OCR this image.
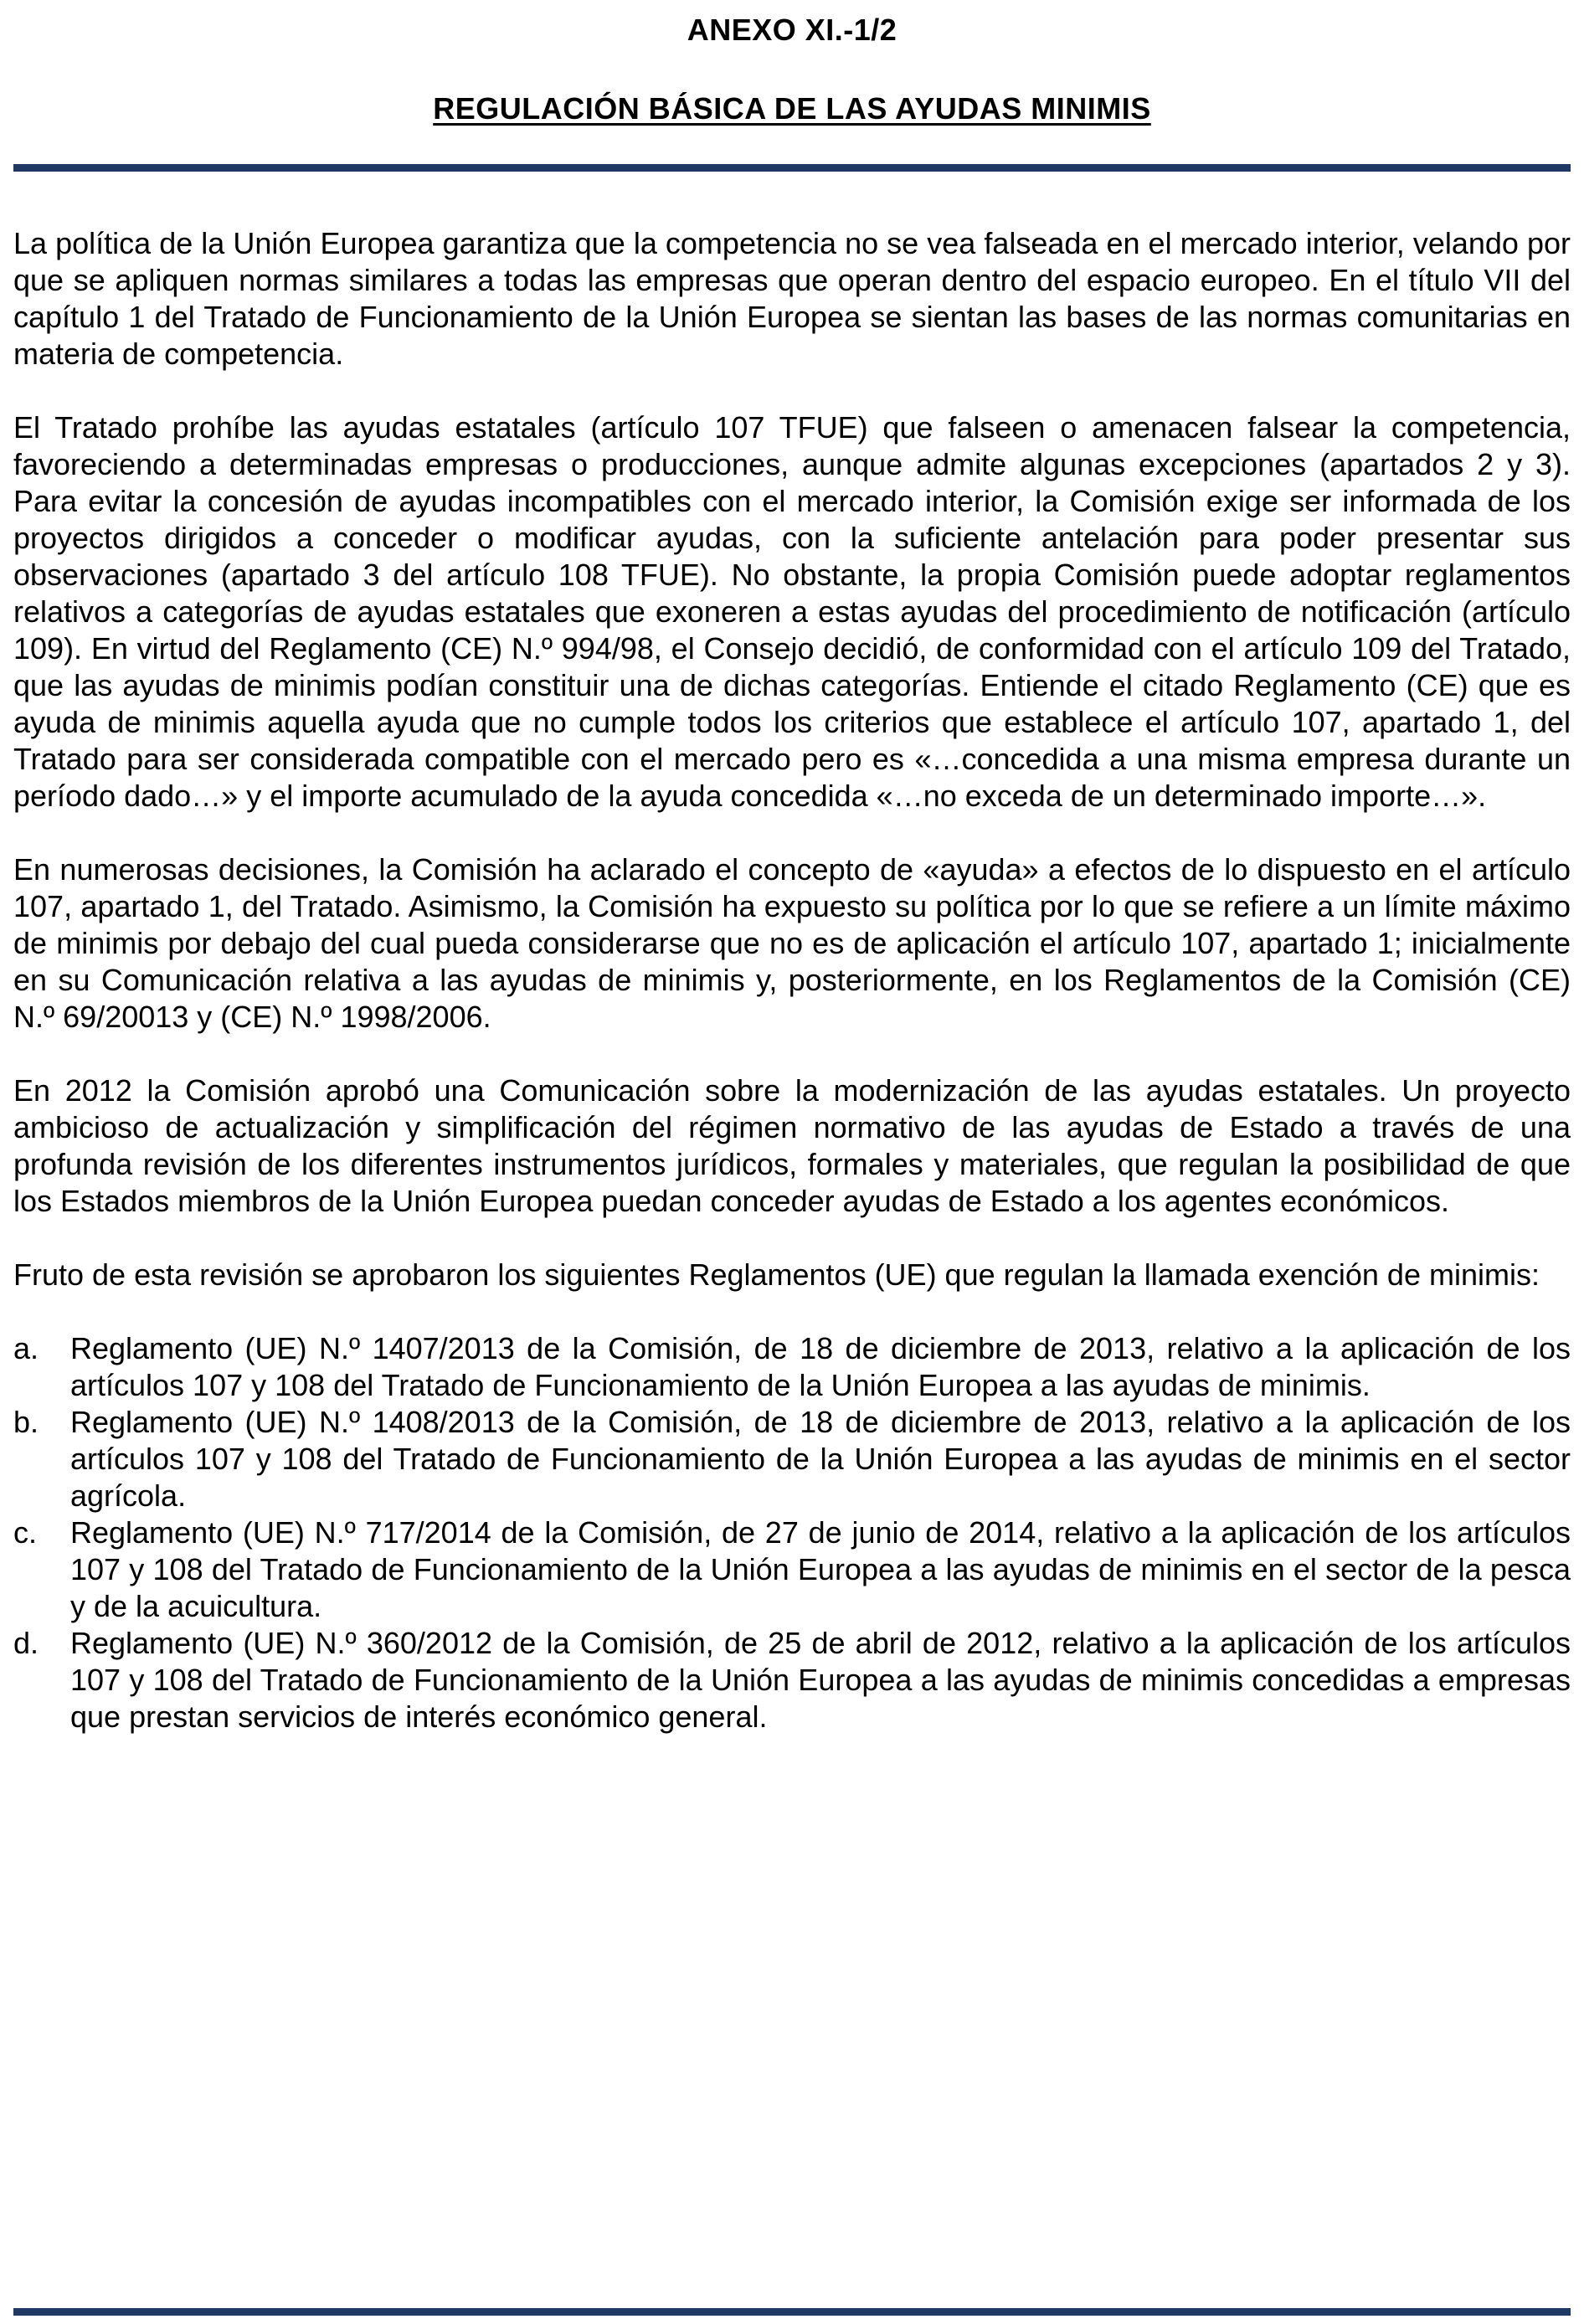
ANEXO XI.-1/2
REGULACIÓN BÁSICA DE LAS AYUDAS MINIMIS

La política de la Unión Europea garantiza que la competencia no se vea falseada en el mercado interior, velando por que se apliquen normas similares a todas las empresas que operan dentro del espacio europeo. En el título VII del capítulo 1 del Tratado de Funcionamiento de la Unión Europea se sientan las bases de las normas comunitarias en materia de competencia.

El Tratado prohíbe las ayudas estatales (artículo 107 TFUE) que falseen o amenacen falsear la competencia, favoreciendo a determinadas empresas o producciones, aunque admite algunas excepciones (apartados 2 y 3). Para evitar la concesión de ayudas incompatibles con el mercado interior, la Comisión exige ser informada de los proyectos dirigidos a conceder o modificar ayudas, con la suficiente antelación para poder presentar sus observaciones (apartado 3 del artículo 108 TFUE). No obstante, la propia Comisión puede adoptar reglamentos relativos a categorías de ayudas estatales que exoneren a estas ayudas del procedimiento de notificación (artículo 109). En virtud del Reglamento (CE) N.º 994/98, el Consejo decidió, de conformidad con el artículo 109 del Tratado, que las ayudas de minimis podían constituir una de dichas categorías. Entiende el citado Reglamento (CE) que es ayuda de minimis aquella ayuda que no cumple todos los criterios que establece el artículo 107, apartado 1, del Tratado para ser considerada compatible con el mercado pero es «…concedida a una misma empresa durante un período dado…» y el importe acumulado de la ayuda concedida «…no exceda de un determinado importe…».

En numerosas decisiones, la Comisión ha aclarado el concepto de «ayuda» a efectos de lo dispuesto en el artículo 107, apartado 1, del Tratado. Asimismo, la Comisión ha expuesto su política por lo que se refiere a un límite máximo de minimis por debajo del cual pueda considerarse que no es de aplicación el artículo 107, apartado 1; inicialmente en su Comunicación relativa a las ayudas de minimis y, posteriormente, en los Reglamentos de la Comisión (CE) N.º 69/20013 y (CE) N.º 1998/2006.

En 2012 la Comisión aprobó una Comunicación sobre la modernización de las ayudas estatales. Un proyecto ambicioso de actualización y simplificación del régimen normativo de las ayudas de Estado a través de una profunda revisión de los diferentes instrumentos jurídicos, formales y materiales, que regulan la posibilidad de que los Estados miembros de la Unión Europea puedan conceder ayudas de Estado a los agentes económicos.

Fruto de esta revisión se aprobaron los siguientes Reglamentos (UE) que regulan la llamada exención de minimis:

a.	Reglamento (UE) N.º 1407/2013 de la Comisión, de 18 de diciembre de 2013, relativo a la aplicación de los artículos 107 y 108 del Tratado de Funcionamiento de la Unión Europea a las ayudas de minimis.
b.	Reglamento (UE) N.º 1408/2013 de la Comisión, de 18 de diciembre de 2013, relativo a la aplicación de los artículos 107 y 108 del Tratado de Funcionamiento de la Unión Europea a las ayudas de minimis en el sector agrícola.
c.	Reglamento (UE) N.º 717/2014 de la Comisión, de 27 de junio de 2014, relativo a la aplicación de los artículos 107 y 108 del Tratado de Funcionamiento de la Unión Europea a las ayudas de minimis en el sector de la pesca y de la acuicultura.
d.	Reglamento (UE) N.º 360/2012 de la Comisión, de 25 de abril de 2012, relativo a la aplicación de los artículos 107 y 108 del Tratado de Funcionamiento de la Unión Europea a las ayudas de minimis concedidas a empresas que prestan servicios de interés económico general.
